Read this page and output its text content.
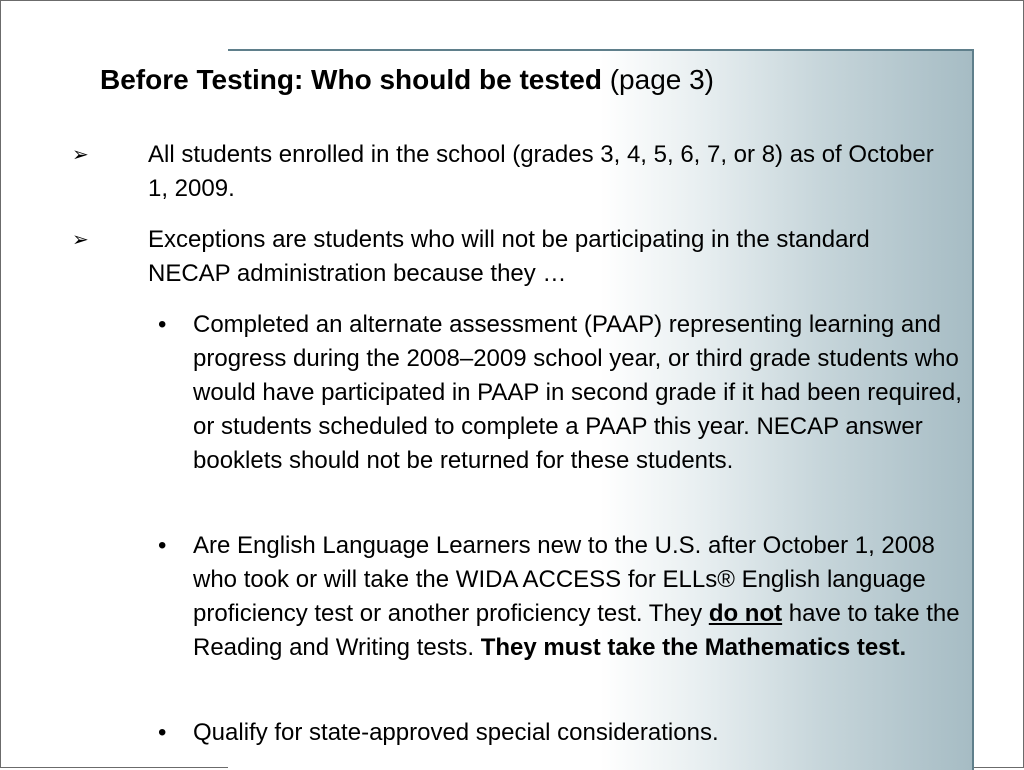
Before Testing: Who should be tested (page 3)
➢ All students enrolled in the school (grades 3, 4, 5, 6, 7, or 8) as of October 1, 2009.
➢ Exceptions are students who will not be participating in the standard NECAP administration because they …
• Completed an alternate assessment (PAAP) representing learning and progress during the 2008–2009 school year, or third grade students who would have participated in PAAP in second grade if it had been required, or students scheduled to complete a PAAP this year. NECAP answer booklets should not be returned for these students.
• Are English Language Learners new to the U.S. after October 1, 2008 who took or will take the WIDA ACCESS for ELLs® English language proficiency test or another proficiency test. They do not have to take the Reading and Writing tests. They must take the Mathematics test.
• Qualify for state-approved special considerations.
